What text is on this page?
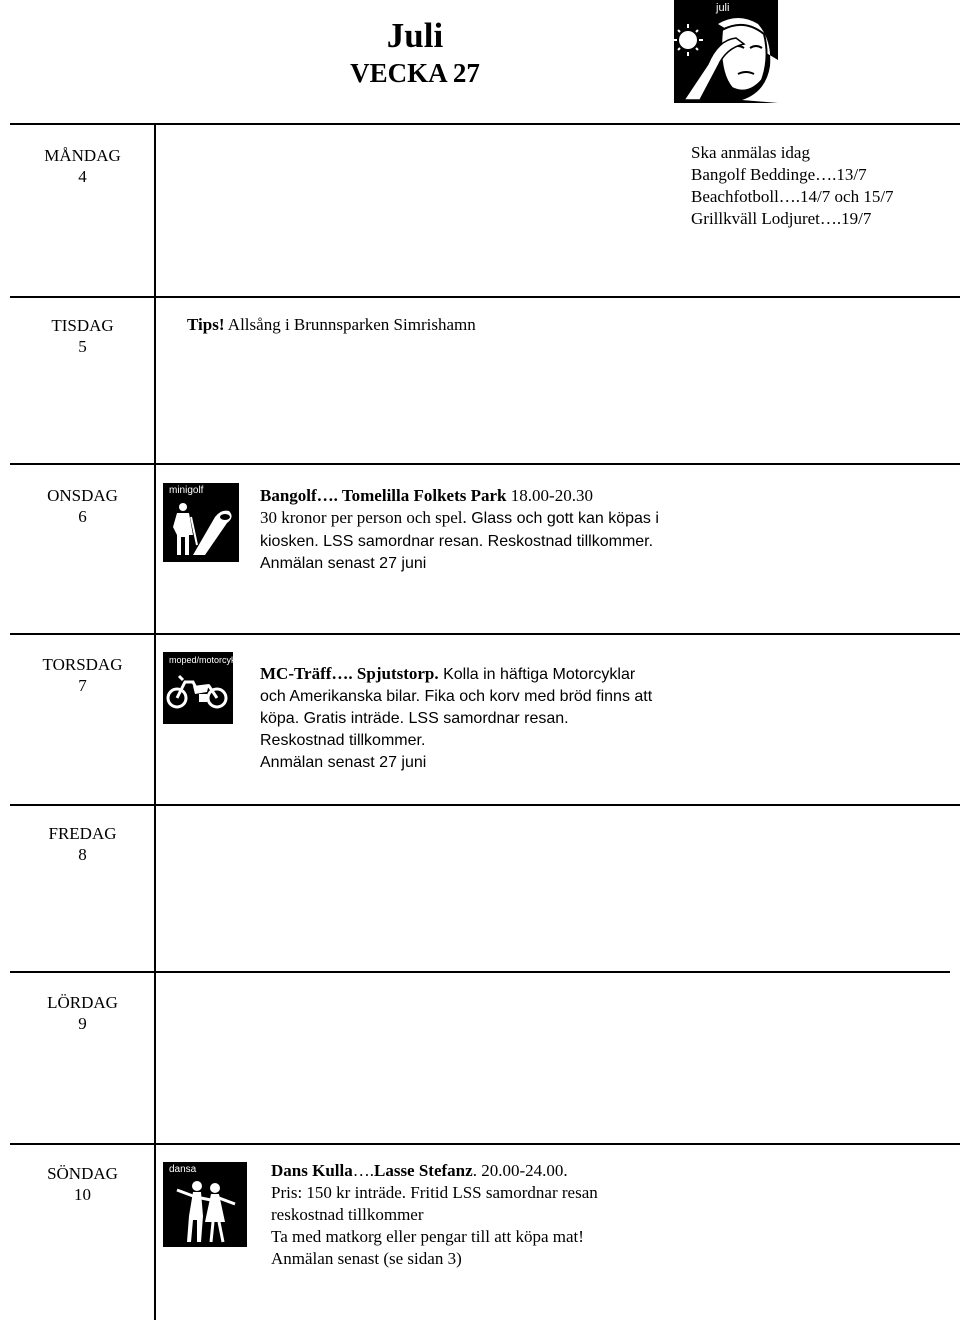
Juli
VECKA 27
juli
MÅNDAG
4
Ska anmälas idag
Bangolf Beddinge….13/7
Beachfotboll….14/7 och 15/7
Grillkväll Lodjuret….19/7
TISDAG
5
Tips! Allsång i Brunnsparken Simrishamn
ONSDAG
6
minigolf	Bangolf…. Tomelilla Folkets Park 18.00-20.30
30 kronor per person och spel. Glass och gott kan köpas i
kiosken. LSS samordnar resan. Reskostnad tillkommer.
Anmälan senast 27 juni
TORSDAG
7
moped/motorcykel
MC-Träff…. Spjutstorp. Kolla in häftiga Motorcyklar
och Amerikanska bilar. Fika och korv med bröd finns att
köpa. Gratis inträde. LSS samordnar resan.
Reskostnad tillkommer.
Anmälan senast 27 juni
FREDAG
8
LÖRDAG
9
SÖNDAG
10
dansa	Dans Kulla….Lasse Stefanz. 20.00-24.00.
Pris: 150 kr inträde. Fritid LSS samordnar resan
reskostnad tillkommer
Ta med matkorg eller pengar till att köpa mat!
Anmälan senast (se sidan 3)
